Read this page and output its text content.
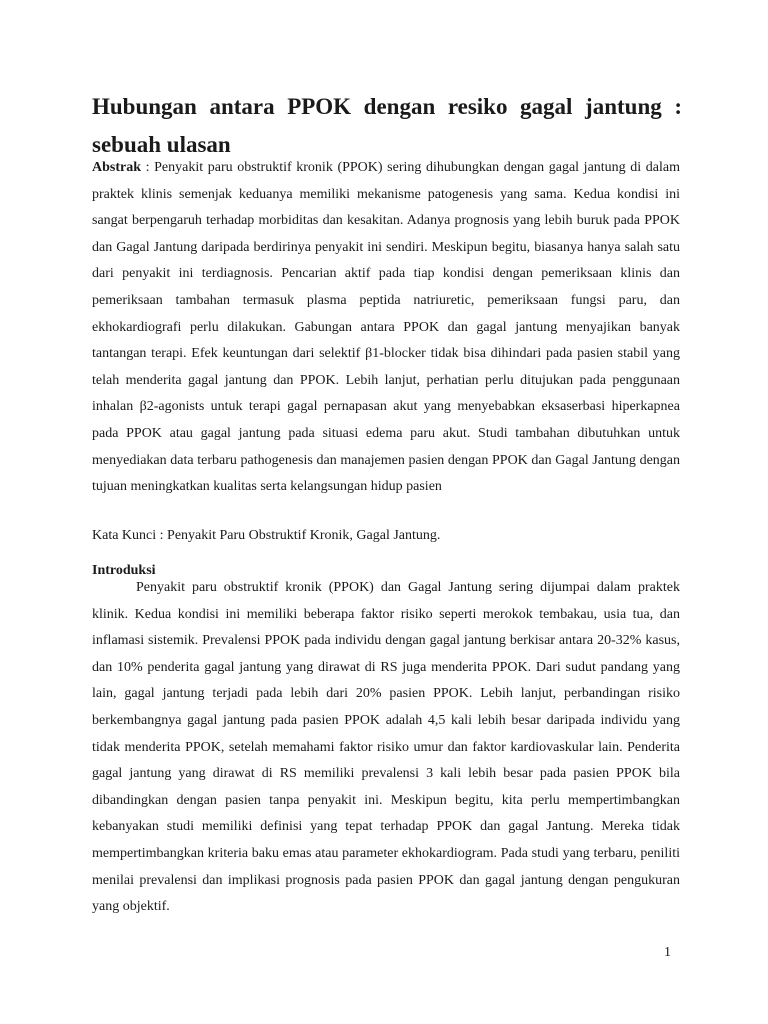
Hubungan antara PPOK dengan resiko gagal jantung : sebuah ulasan

Abstrak : Penyakit paru obstruktif kronik (PPOK) sering dihubungkan dengan gagal jantung di dalam praktek klinis semenjak keduanya memiliki mekanisme patogenesis yang sama. Kedua kondisi ini sangat berpengaruh terhadap morbiditas dan kesakitan. Adanya prognosis yang lebih buruk pada PPOK dan Gagal Jantung daripada berdirinya penyakit ini sendiri. Meskipun begitu, biasanya hanya salah satu dari penyakit ini terdiagnosis. Pencarian aktif pada tiap kondisi dengan pemeriksaan klinis dan pemeriksaan tambahan termasuk plasma peptida natriuretic, pemeriksaan fungsi paru, dan ekhokardiografi perlu dilakukan. Gabungan antara PPOK dan gagal jantung menyajikan banyak tantangan terapi. Efek keuntungan dari selektif β1-blocker tidak bisa dihindari pada pasien stabil yang telah menderita gagal jantung dan PPOK. Lebih lanjut, perhatian perlu ditujukan pada penggunaan inhalan β2-agonists untuk terapi gagal pernapasan akut yang menyebabkan eksaserbasi hiperkapnea pada PPOK atau gagal jantung pada situasi edema paru akut. Studi tambahan dibutuhkan untuk menyediakan data terbaru pathogenesis dan manajemen pasien dengan PPOK dan Gagal Jantung dengan tujuan meningkatkan kualitas serta kelangsungan hidup pasien

Kata Kunci : Penyakit Paru Obstruktif Kronik, Gagal Jantung.

Introduksi

Penyakit paru obstruktif kronik (PPOK) dan Gagal Jantung sering dijumpai dalam praktek klinik. Kedua kondisi ini memiliki beberapa faktor risiko seperti merokok tembakau, usia tua, dan inflamasi sistemik. Prevalensi PPOK pada individu dengan gagal jantung berkisar antara 20-32% kasus, dan 10% penderita gagal jantung yang dirawat di RS juga menderita PPOK. Dari sudut pandang yang lain, gagal jantung terjadi pada lebih dari 20% pasien PPOK. Lebih lanjut, perbandingan risiko berkembangnya gagal jantung pada pasien PPOK adalah 4,5 kali lebih besar daripada individu yang tidak menderita PPOK, setelah memahami faktor risiko umur dan faktor kardiovaskular lain. Penderita gagal jantung yang dirawat di RS memiliki prevalensi 3 kali lebih besar pada pasien PPOK bila dibandingkan dengan pasien tanpa penyakit ini. Meskipun begitu, kita perlu mempertimbangkan kebanyakan studi memiliki definisi yang tepat terhadap PPOK dan gagal Jantung. Mereka tidak mempertimbangkan kriteria baku emas atau parameter ekhokardiogram. Pada studi yang terbaru, peniliti menilai prevalensi dan implikasi prognosis pada pasien PPOK dan gagal jantung dengan pengukuran yang objektif.

1
